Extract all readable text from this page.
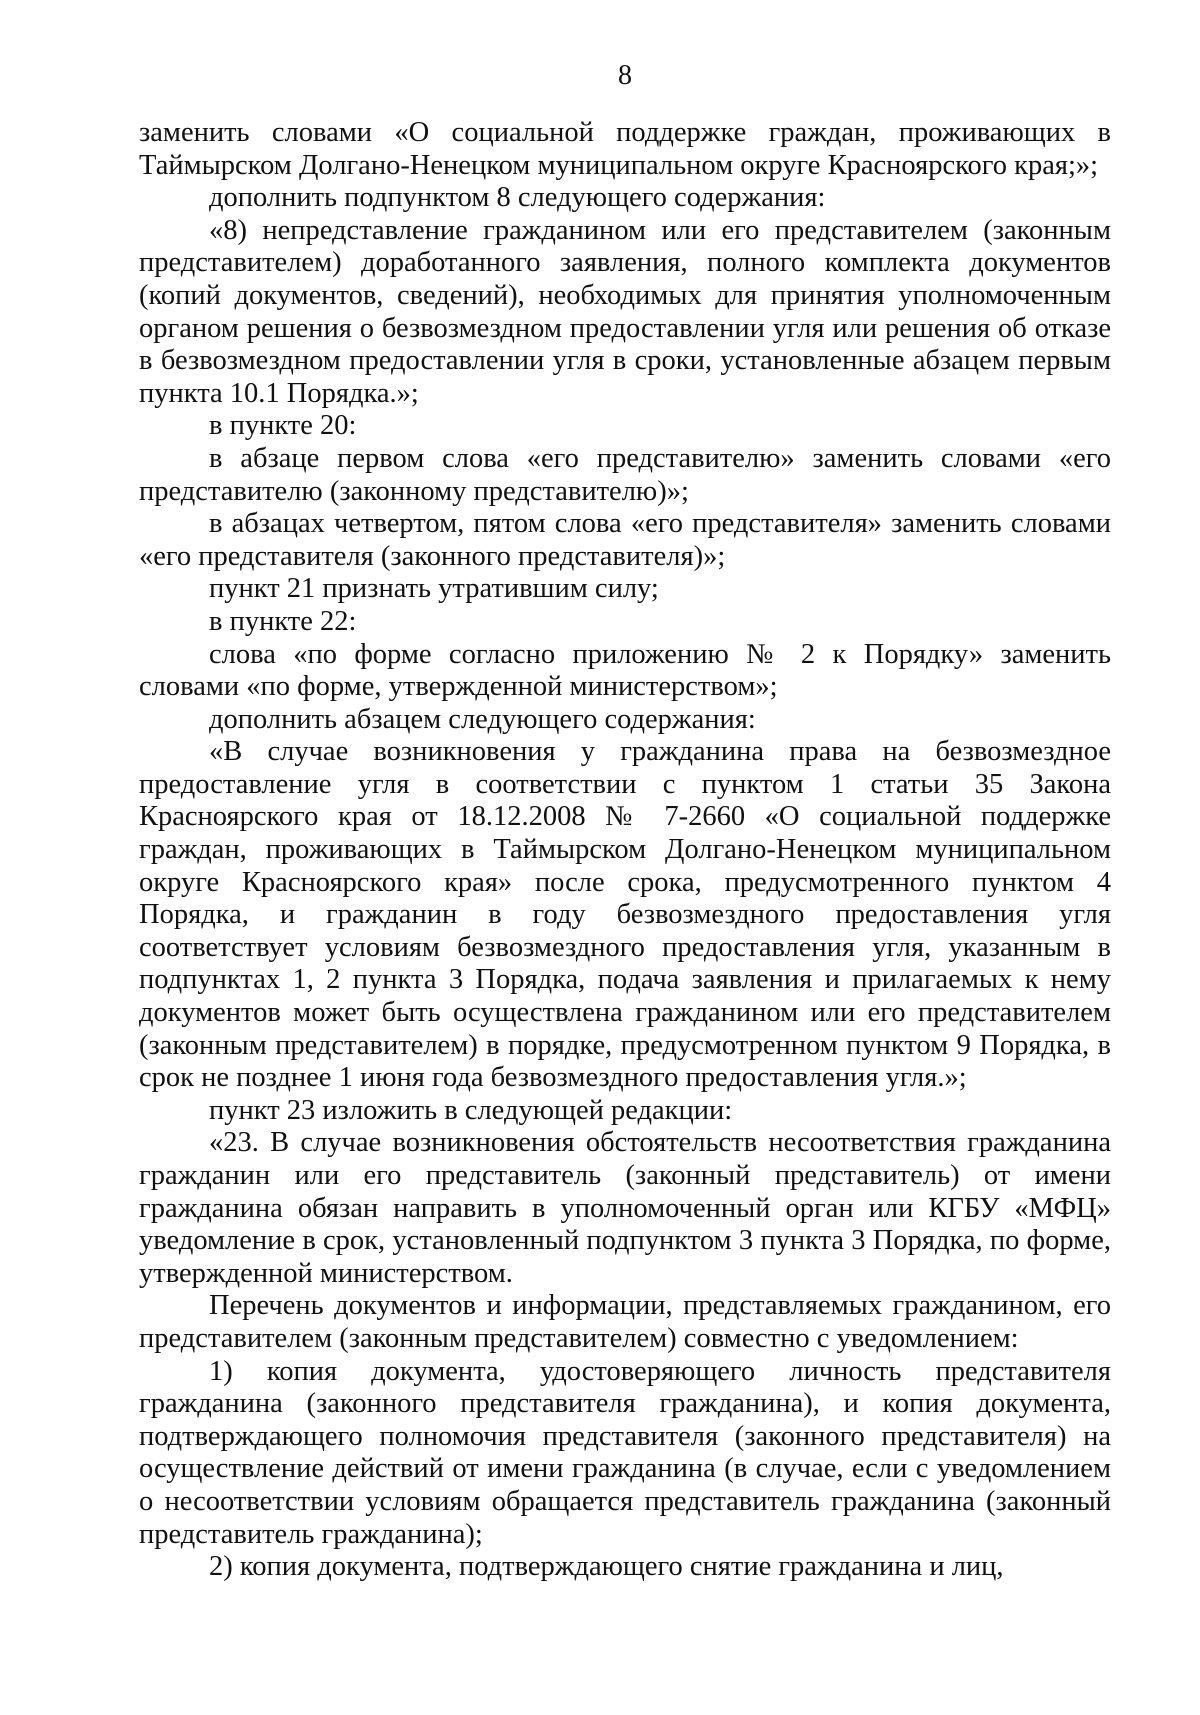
8

заменить словами «О социальной поддержке граждан, проживающих в Таймырском Долгано-Ненецком муниципальном округе Красноярского края;»;

дополнить подпунктом 8 следующего содержания:

«8) непредставление гражданином или его представителем (законным представителем) доработанного заявления, полного комплекта документов (копий документов, сведений), необходимых для принятия уполномоченным органом решения о безвозмездном предоставлении угля или решения об отказе в безвозмездном предоставлении угля в сроки, установленные абзацем первым пункта 10.1 Порядка.»;

в пункте 20:

в абзаце первом слова «его представителю» заменить словами «его представителю (законному представителю)»;

в абзацах четвертом, пятом слова «его представителя» заменить словами «его представителя (законного представителя)»;

пункт 21 признать утратившим силу;

в пункте 22:

слова «по форме согласно приложению № 2 к Порядку» заменить словами «по форме, утвержденной министерством»;

дополнить абзацем следующего содержания:

«В случае возникновения у гражданина права на безвозмездное предоставление угля в соответствии с пунктом 1 статьи 35 Закона Красноярского края от 18.12.2008 № 7-2660 «О социальной поддержке граждан, проживающих в Таймырском Долгано-Ненецком муниципальном округе Красноярского края» после срока, предусмотренного пунктом 4 Порядка, и гражданин в году безвозмездного предоставления угля соответствует условиям безвозмездного предоставления угля, указанным в подпунктах 1, 2 пункта 3 Порядка, подача заявления и прилагаемых к нему документов может быть осуществлена гражданином или его представителем (законным представителем) в порядке, предусмотренном пунктом 9 Порядка, в срок не позднее 1 июня года безвозмездного предоставления угля.»;

пункт 23 изложить в следующей редакции:

«23. В случае возникновения обстоятельств несоответствия гражданина гражданин или его представитель (законный представитель) от имени гражданина обязан направить в уполномоченный орган или КГБУ «МФЦ» уведомление в срок, установленный подпунктом 3 пункта 3 Порядка, по форме, утвержденной министерством.

Перечень документов и информации, представляемых гражданином, его представителем (законным представителем) совместно с уведомлением:

1) копия документа, удостоверяющего личность представителя гражданина (законного представителя гражданина), и копия документа, подтверждающего полномочия представителя (законного представителя) на осуществление действий от имени гражданина (в случае, если с уведомлением о несоответствии условиям обращается представитель гражданина (законный представитель гражданина);

2) копия документа, подтверждающего снятие гражданина и лиц,
